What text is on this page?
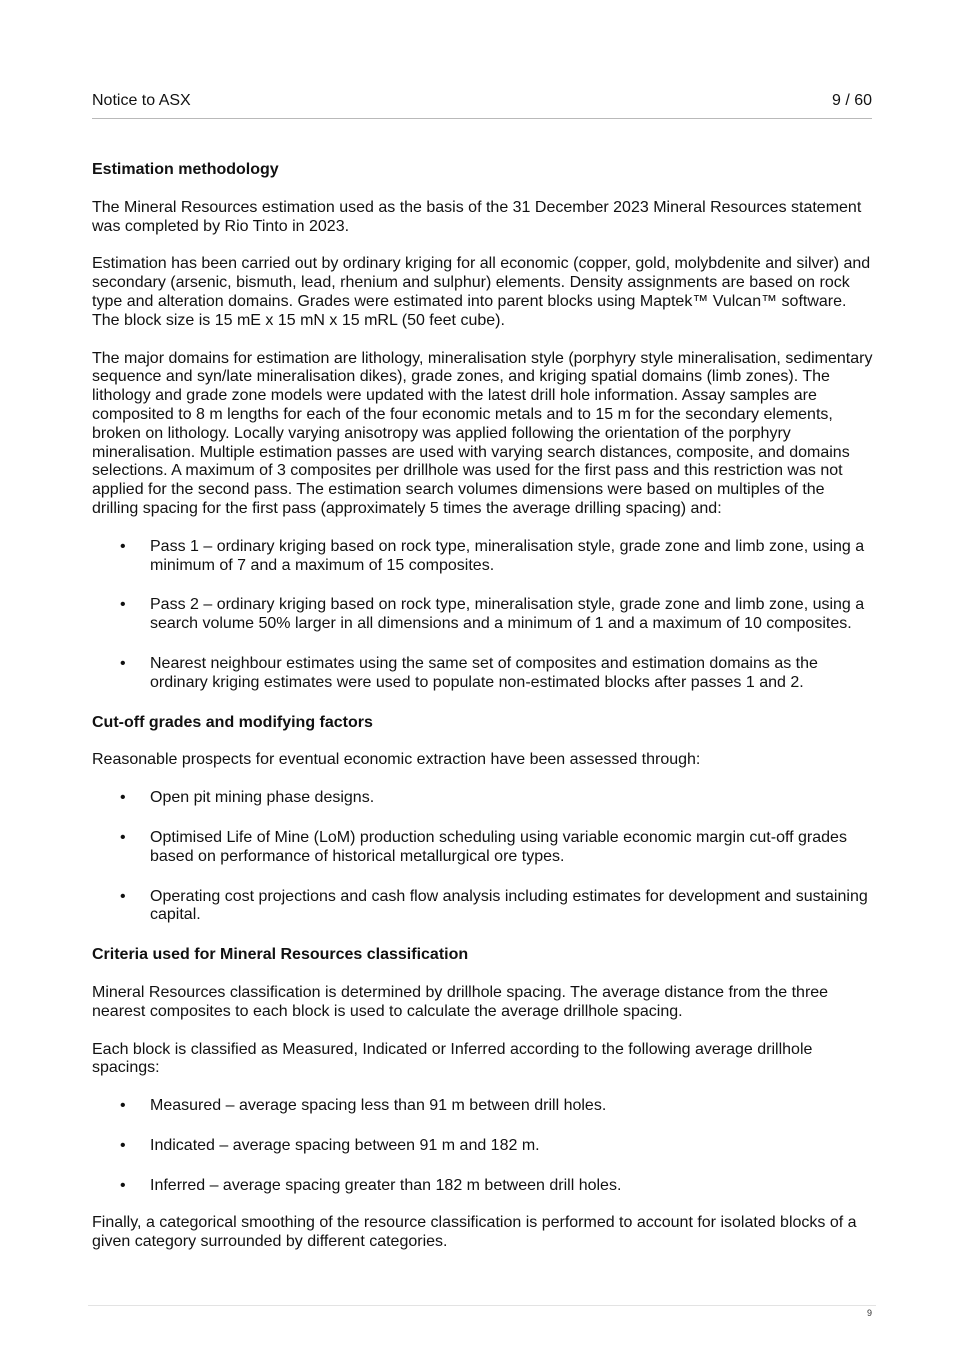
Notice to ASX	9 / 60
Estimation methodology

The Mineral Resources estimation used as the basis of the 31 December 2023 Mineral Resources statement was completed by Rio Tinto in 2023.

Estimation has been carried out by ordinary kriging for all economic (copper, gold, molybdenite and silver) and secondary (arsenic, bismuth, lead, rhenium and sulphur) elements. Density assignments are based on rock type and alteration domains. Grades were estimated into parent blocks using Maptek™ Vulcan™ software. The block size is 15 mE x 15 mN x 15 mRL (50 feet cube).

The major domains for estimation are lithology, mineralisation style (porphyry style mineralisation, sedimentary sequence and syn/late mineralisation dikes), grade zones, and kriging spatial domains (limb zones). The lithology and grade zone models were updated with the latest drill hole information. Assay samples are composited to 8 m lengths for each of the four economic metals and to 15 m for the secondary elements, broken on lithology. Locally varying anisotropy was applied following the orientation of the porphyry mineralisation. Multiple estimation passes are used with varying search distances, composite, and domains selections. A maximum of 3 composites per drillhole was used for the first pass and this restriction was not applied for the second pass. The estimation search volumes dimensions were based on multiples of the drilling spacing for the first pass (approximately 5 times the average drilling spacing) and:

• Pass 1 – ordinary kriging based on rock type, mineralisation style, grade zone and limb zone, using a minimum of 7 and a maximum of 15 composites.
• Pass 2 – ordinary kriging based on rock type, mineralisation style, grade zone and limb zone, using a search volume 50% larger in all dimensions and a minimum of 1 and a maximum of 10 composites.
• Nearest neighbour estimates using the same set of composites and estimation domains as the ordinary kriging estimates were used to populate non-estimated blocks after passes 1 and 2.
Cut-off grades and modifying factors

Reasonable prospects for eventual economic extraction have been assessed through:

• Open pit mining phase designs.
• Optimised Life of Mine (LoM) production scheduling using variable economic margin cut-off grades based on performance of historical metallurgical ore types.
• Operating cost projections and cash flow analysis including estimates for development and sustaining capital.
Criteria used for Mineral Resources classification

Mineral Resources classification is determined by drillhole spacing. The average distance from the three nearest composites to each block is used to calculate the average drillhole spacing.

Each block is classified as Measured, Indicated or Inferred according to the following average drillhole spacings:

• Measured – average spacing less than 91 m between drill holes.
• Indicated – average spacing between 91 m and 182 m.
• Inferred – average spacing greater than 182 m between drill holes.

Finally, a categorical smoothing of the resource classification is performed to account for isolated blocks of a given category surrounded by different categories.

9
